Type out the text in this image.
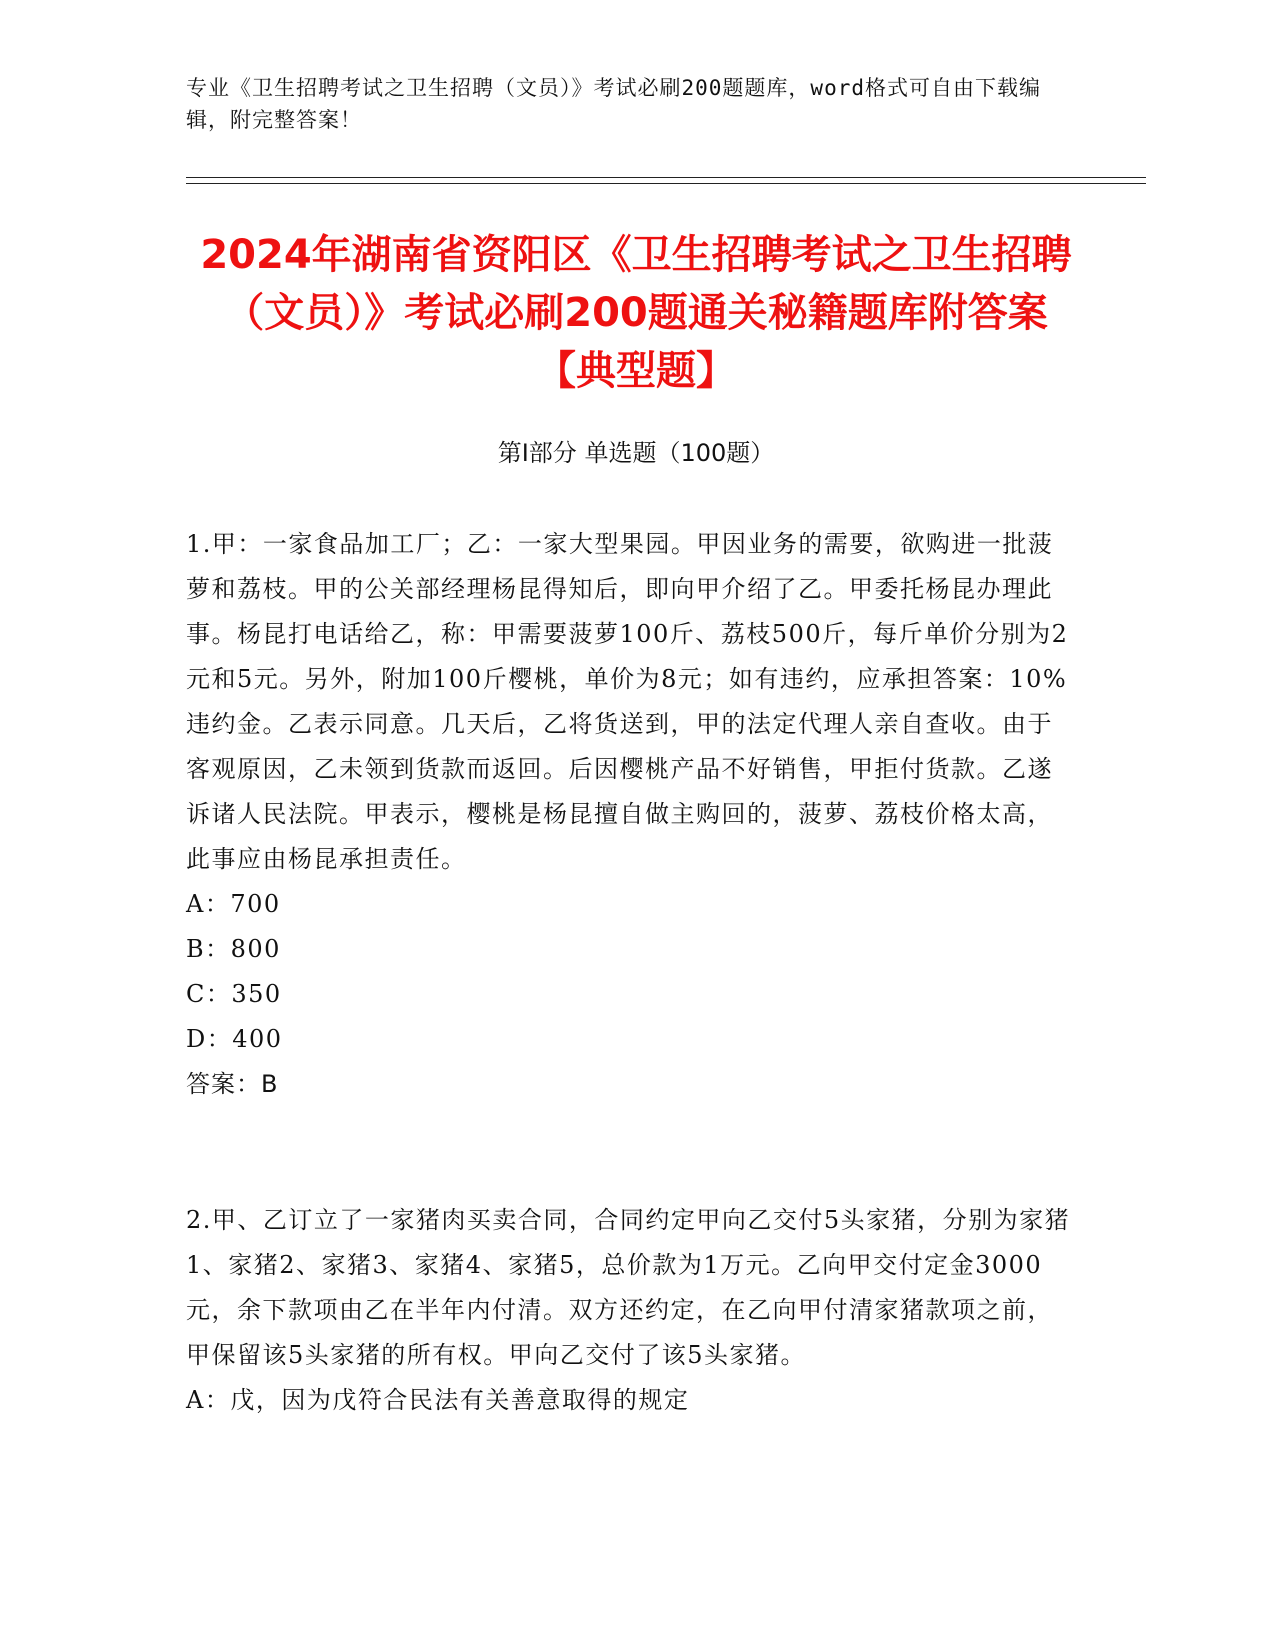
专业《卫生招聘考试之卫生招聘（文员）》考试必刷200题题库，word格式可自由下载编辑，附完整答案！
2024年湖南省资阳区《卫生招聘考试之卫生招聘（文员）》考试必刷200题通关秘籍题库附答案【典型题】
第I部分 单选题（100题）
1.甲：一家食品加工厂；乙：一家大型果园。甲因业务的需要，欲购进一批菠萝和荔枝。甲的公关部经理杨昆得知后，即向甲介绍了乙。甲委托杨昆办理此事。杨昆打电话给乙，称：甲需要菠萝100斤、荔枝500斤，每斤单价分别为2元和5元。另外，附加100斤樱桃，单价为8元；如有违约，应承担答案：10%违约金。乙表示同意。几天后，乙将货送到，甲的法定代理人亲自查收。由于客观原因，乙未领到货款而返回。后因樱桃产品不好销售，甲拒付货款。乙遂诉诸人民法院。甲表示，樱桃是杨昆擅自做主购回的，菠萝、荔枝价格太高，此事应由杨昆承担责任。
A：700
B：800
C：350
D：400
答案：B
2.甲、乙订立了一家猪肉买卖合同，合同约定甲向乙交付5头家猪，分别为家猪1、家猪2、家猪3、家猪4、家猪5，总价款为1万元。乙向甲交付定金3000元，余下款项由乙在半年内付清。双方还约定，在乙向甲付清家猪款项之前，甲保留该5头家猪的所有权。甲向乙交付了该5头家猪。
A：戊，因为戊符合民法有关善意取得的规定
